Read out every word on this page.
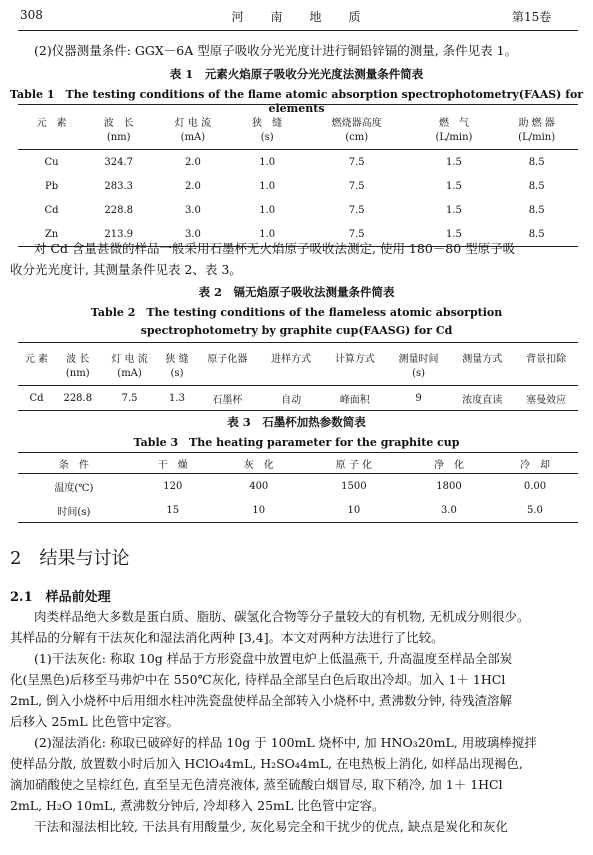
308	河　　南　　地　　质	第15卷

(2)仪器测量条件: GGX－6A 型原子吸收分光光度计进行铜铅锌镉的测量, 条件见表 1。

表 1　元素火焰原子吸收分光光度法测量条件简表
Table 1　The testing conditions of the flame atomic absorption spectrophotometry(FAAS) for elements
元　素	波　长	灯 电 流	狭　缝	燃烧器高度	燃　气	助 燃 器
	(nm)	(mA)	(s)	(cm)	(L/min)	(L/min)
Cu	324.7	2.0	1.0	7.5	1.5	8.5
Pb	283.3	2.0	1.0	7.5	1.5	8.5
Cd	228.8	3.0	1.0	7.5	1.5	8.5
Zn	213.9	3.0	1.0	7.5	1.5	8.5

对 Cd 含量甚微的样品一般采用石墨杯无火焰原子吸收法测定, 使用 180－80 型原子吸

收分光光度计, 其测量条件见表 2、表 3。

表 2　镉无焰原子吸收法测量条件简表
Table 2　The testing conditions of the flameless atomic absorption
spectrophotometry by graphite cup(FAASG) for Cd
元 素	波 长	灯 电 流	狭 缝	原子化器	进样方式	计算方式	测量时间	测量方式	背景扣除
	(nm)	(mA)	(s)				(s)		
Cd	228.8	7.5	1.3	石墨杯	自动	峰面积	9	浓度直读	塞曼效应
表 3　石墨杯加热参数简表
Table 3　The heating parameter for the graphite cup
条　件	干　燥	灰　化	原 子 化	净　化	冷　却
温度(℃)	120	400	1500	1800	0.00
时间(s)	15	10	10	3.0	5.0
2　结果与讨论
2.1　样品前处理

肉类样品绝大多数是蛋白质、脂肪、碳氢化合物等分子量较大的有机物, 无机成分则很少。

其样品的分解有干法灰化和湿法消化两种 [3,4]。本文对两种方法进行了比较。

(1)干法灰化: 称取 10g 样品于方形瓷盘中放置电炉上低温燕干, 升高温度至样品全部炭

化(呈黑色)后移至马弗炉中在 550℃灰化, 待样品全部呈白色后取出冷却。加入 1＋ 1HCl

2mL, 倒入小烧杯中后用细水柱冲洗瓷盘使样品全部转入小烧杯中, 煮沸数分钟, 待残渣溶解

后移入 25mL 比色管中定容。

(2)湿法消化: 称取已破碎好的样品 10g 于 100mL 烧杯中, 加 HNO₃20mL, 用玻璃棒搅拌

使样品分散, 放置数小时后加入 HClO₄4mL, H₂SO₄4mL, 在电热板上消化, 如样品出现褐色,

滴加硝酸使之呈棕红色, 直至呈无色清亮液体, 蒸至硫酸白烟冒尽, 取下稍冷, 加 1＋ 1HCl

2mL, H₂O 10mL, 煮沸数分钟后, 冷却移入 25mL 比色管中定容。

干法和湿法相比较, 干法具有用酸量少, 灰化易完全和干扰少的优点, 缺点是炭化和灰化
